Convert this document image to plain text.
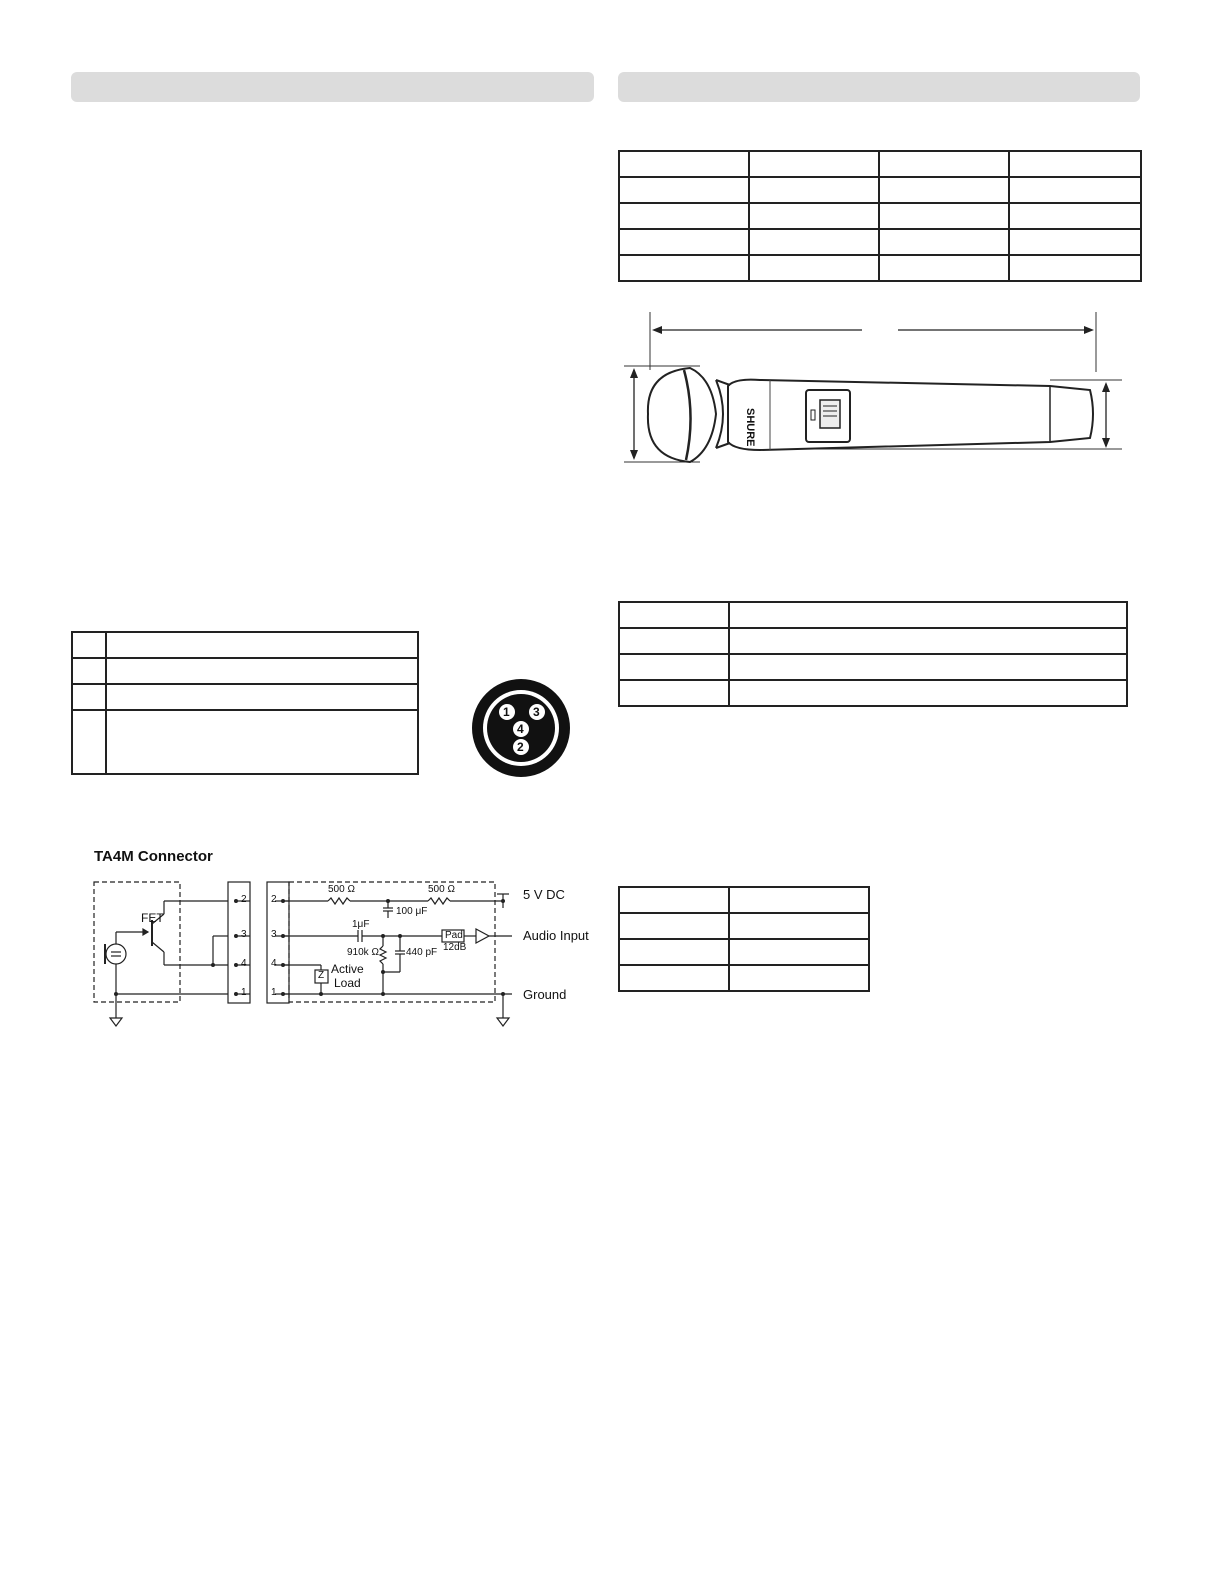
SHURE

1 3
4
2
TA4M Connector
FET
2
3
4
1
2
3
4
1
500 Ω	500 Ω
100 μF
1μF
910k Ω	440 pF
Pad
12dB
Z Active
Load
5 V DC
Audio Input
Ground
